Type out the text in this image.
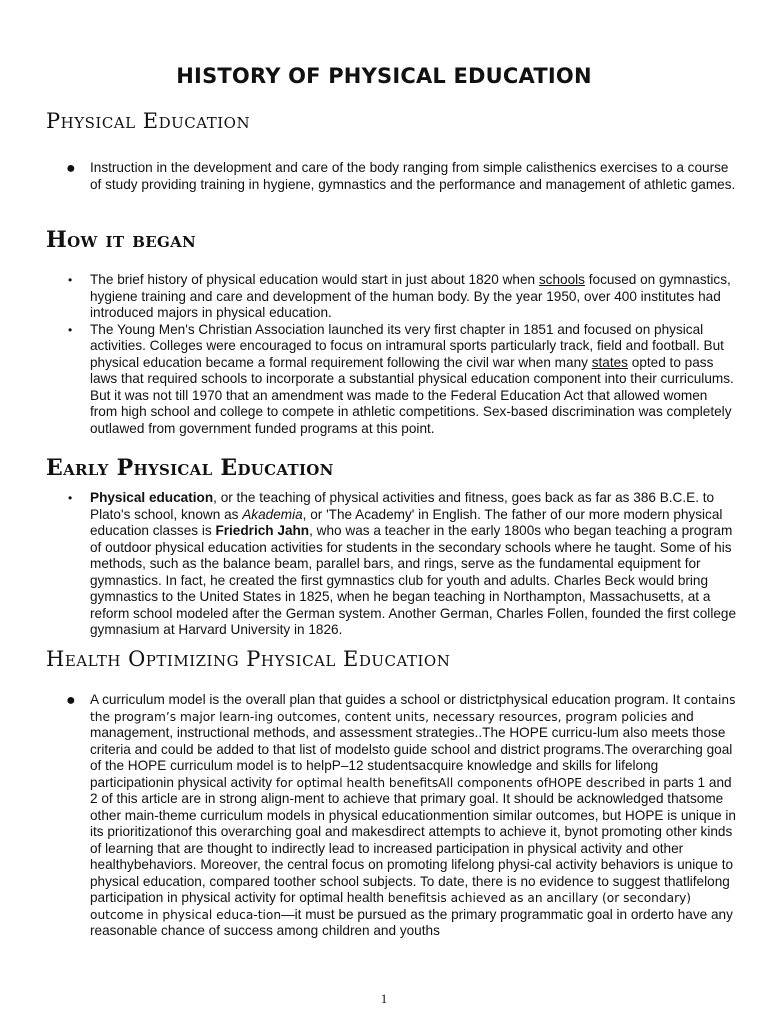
HISTORY OF PHYSICAL EDUCATION
Physical Education
● Instruction in the development and care of the body ranging from simple calisthenics exercises to a course of study providing training in hygiene, gymnastics and the performance and management of athletic games.
How it began
• The brief history of physical education would start in just about 1820 when schools focused on gymnastics, hygiene training and care and development of the human body. By the year 1950, over 400 institutes had introduced majors in physical education.
• The Young Men's Christian Association launched its very first chapter in 1851 and focused on physical activities. Colleges were encouraged to focus on intramural sports particularly track, field and football. But physical education became a formal requirement following the civil war when many states opted to pass laws that required schools to incorporate a substantial physical education component into their curriculums. But it was not till 1970 that an amendment was made to the Federal Education Act that allowed women from high school and college to compete in athletic competitions. Sex-based discrimination was completely outlawed from government funded programs at this point.
Early Physical Education
• Physical education, or the teaching of physical activities and fitness, goes back as far as 386 B.C.E. to Plato's school, known as Akademia, or 'The Academy' in English. The father of our more modern physical education classes is Friedrich Jahn, who was a teacher in the early 1800s who began teaching a program of outdoor physical education activities for students in the secondary schools where he taught. Some of his methods, such as the balance beam, parallel bars, and rings, serve as the fundamental equipment for gymnastics. In fact, he created the first gymnastics club for youth and adults. Charles Beck would bring gymnastics to the United States in 1825, when he began teaching in Northampton, Massachusetts, at a reform school modeled after the German system. Another German, Charles Follen, founded the first college gymnasium at Harvard University in 1826.
Health Optimizing Physical Education
● A curriculum model is the overall plan that guides a school or districtphysical education program. It contains the program’s major learn-ing outcomes, content units, necessary resources, program policies and management, instructional methods, and assessment strategies..The HOPE curricu-lum also meets those criteria and could be added to that list of modelsto guide school and district programs.The overarching goal of the HOPE curriculum model is to helpP–12 studentsacquire knowledge and skills for lifelong participationin physical activity for optimal health benefitsAll components ofHOPE described in parts 1 and 2 of this article are in strong align-ment to achieve that primary goal. It should be acknowledged thatsome other main-theme curriculum models in physical educationmention similar outcomes, but HOPE is unique in its prioritizationof this overarching goal and makesdirect attempts to achieve it, bynot promoting other kinds of learning that are thought to indirectly lead to increased participation in physical activity and other healthybehaviors. Moreover, the central focus on promoting lifelong physi-cal activity behaviors is unique to physical education, compared toother school subjects. To date, there is no evidence to suggest thatlifelong participation in physical activity for optimal health benefitsis achieved as an ancillary (or secondary) outcome in physical educa-tion—it must be pursued as the primary programmatic goal in orderto have any reasonable chance of success among children and youths
1
